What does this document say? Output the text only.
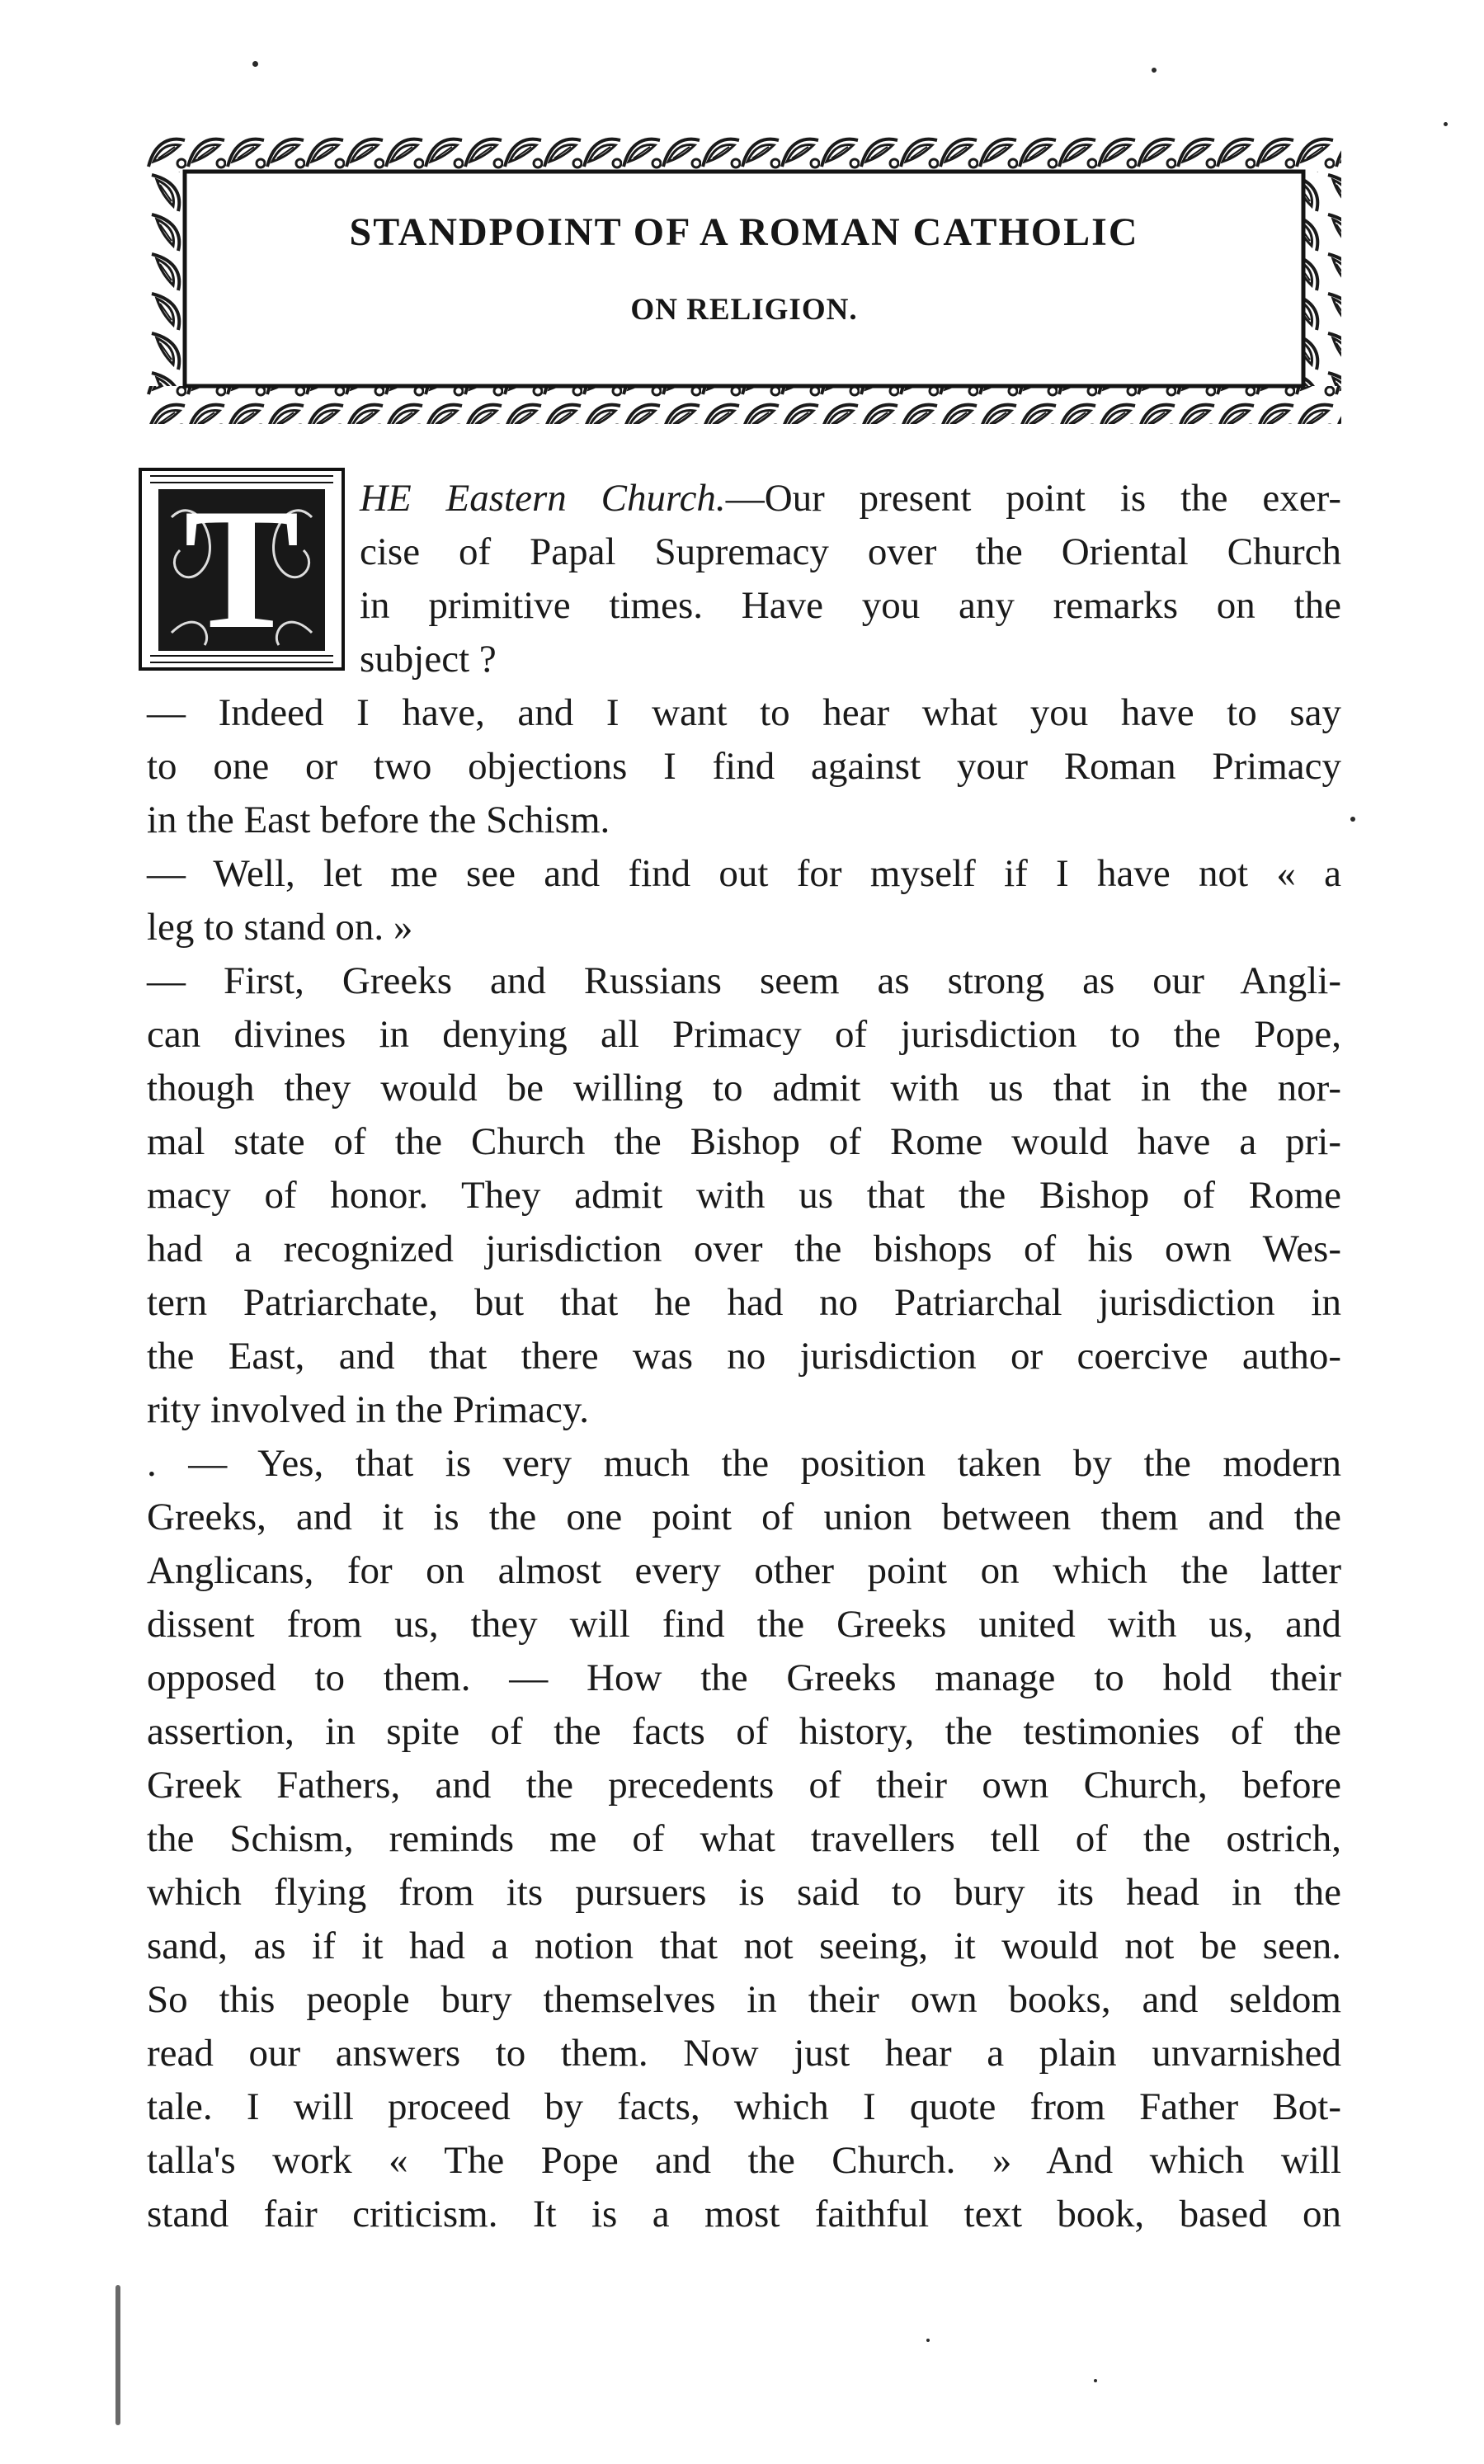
STANDPOINT OF A ROMAN CATHOLIC
ON RELIGION.
T	HE Eastern Church.—Our present point is the exer-
cise of Papal Supremacy over the Oriental Church
in primitive times. Have you any remarks on the
subject ?
— Indeed I have, and I want to hear what you have to say
to one or two objections I find against your Roman Primacy
in the East before the Schism.
— Well, let me see and find out for myself if I have not « a
leg to stand on. »
— First, Greeks and Russians seem as strong as our Angli-
can divines in denying all Primacy of jurisdiction to the Pope,
though they would be willing to admit with us that in the nor-
mal state of the Church the Bishop of Rome would have a pri-
macy of honor. They admit with us that the Bishop of Rome
had a recognized jurisdiction over the bishops of his own Wes-
tern Patriarchate, but that he had no Patriarchal jurisdiction in
the East, and that there was no jurisdiction or coercive autho-
rity involved in the Primacy.
. — Yes, that is very much the position taken by the modern
Greeks, and it is the one point of union between them and the
Anglicans, for on almost every other point on which the latter
dissent from us, they will find the Greeks united with us, and
opposed to them. — How the Greeks manage to hold their
assertion, in spite of the facts of history, the testimonies of the
Greek Fathers, and the precedents of their own Church, before
the Schism, reminds me of what travellers tell of the ostrich,
which flying from its pursuers is said to bury its head in the
sand, as if it had a notion that not seeing, it would not be seen.
So this people bury themselves in their own books, and seldom
read our answers to them. Now just hear a plain unvarnished
tale. I will proceed by facts, which I quote from Father Bot-
talla's work « The Pope and the Church. » And which will
stand fair criticism. It is a most faithful text book, based on
